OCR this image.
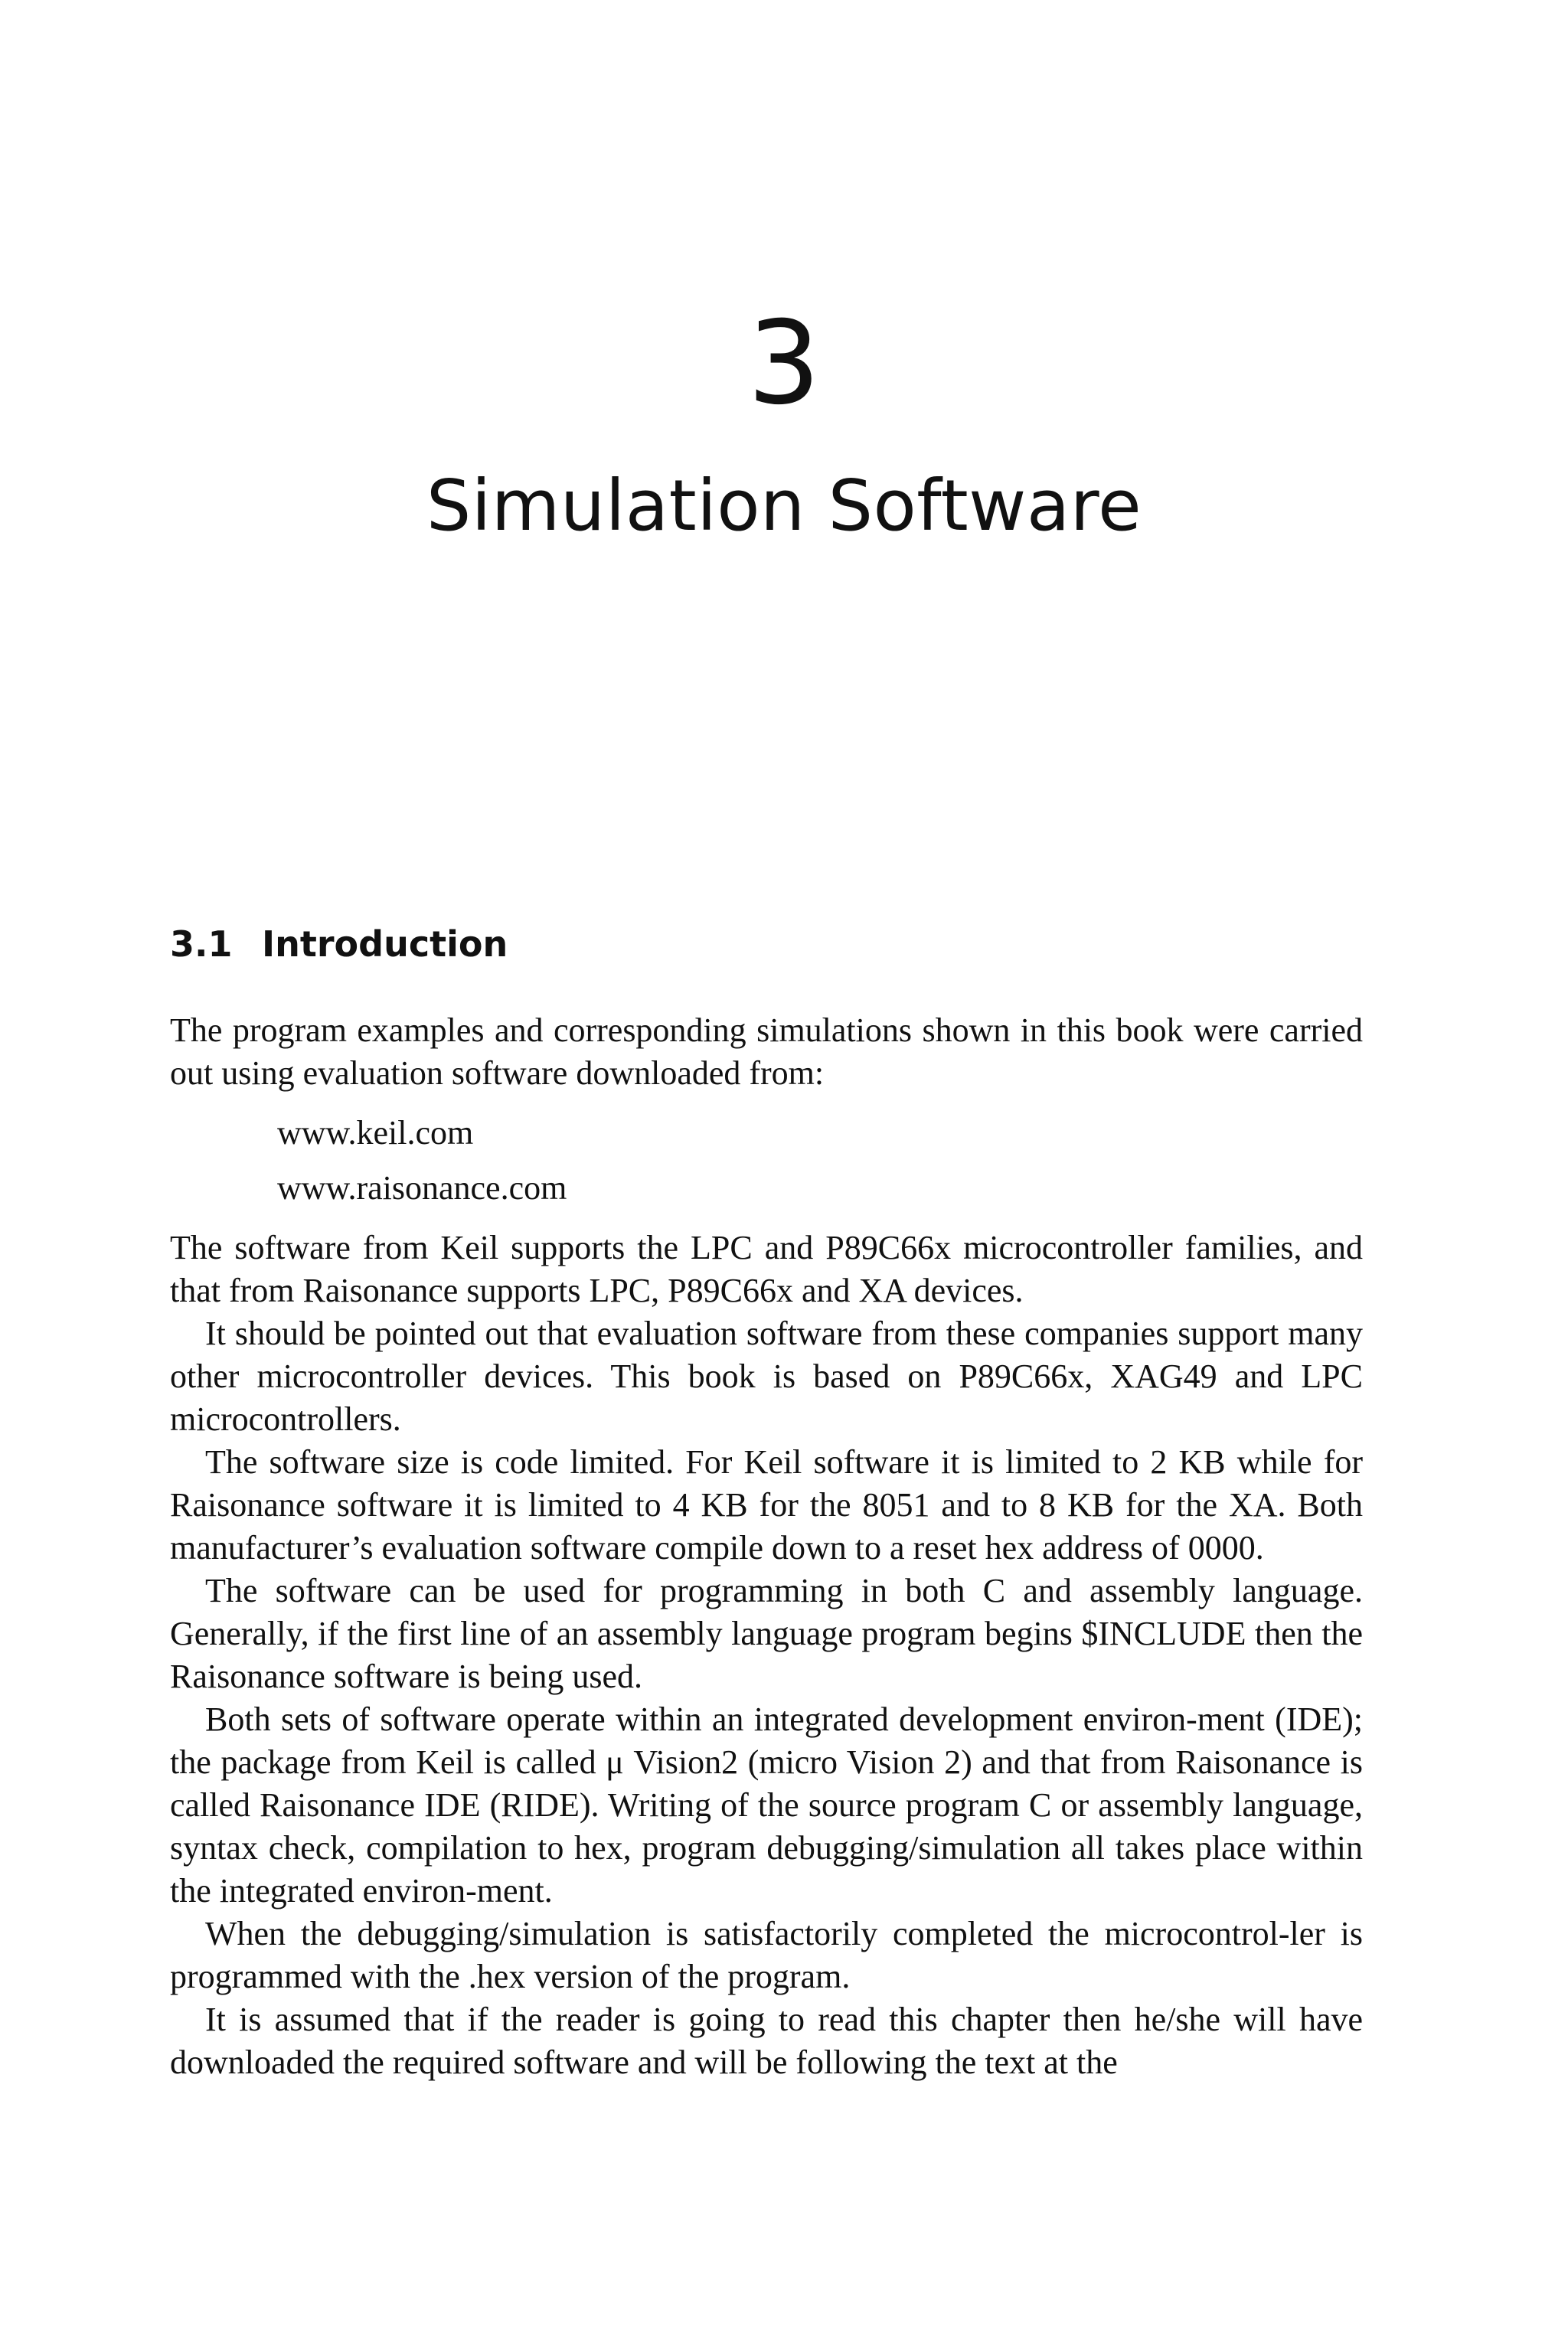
3
Simulation Software
3.1 Introduction

The program examples and corresponding simulations shown in this book were carried out using evaluation software downloaded from:

www.keil.com
www.raisonance.com

The software from Keil supports the LPC and P89C66x microcontroller families, and that from Raisonance supports LPC, P89C66x and XA devices.

It should be pointed out that evaluation software from these companies support many other microcontroller devices. This book is based on P89C66x, XAG49 and LPC microcontrollers.

The software size is code limited. For Keil software it is limited to 2 KB while for Raisonance software it is limited to 4 KB for the 8051 and to 8 KB for the XA. Both manufacturer’s evaluation software compile down to a reset hex address of 0000.

The software can be used for programming in both C and assembly language. Generally, if the first line of an assembly language program begins $INCLUDE then the Raisonance software is being used.

Both sets of software operate within an integrated development environ-ment (IDE); the package from Keil is called μ Vision2 (micro Vision 2) and that from Raisonance is called Raisonance IDE (RIDE). Writing of the source program C or assembly language, syntax check, compilation to hex, program debugging/simulation all takes place within the integrated environ-ment.

When the debugging/simulation is satisfactorily completed the microcontrol-ler is programmed with the .hex version of the program.

It is assumed that if the reader is going to read this chapter then he/she will have downloaded the required software and will be following the text at the
